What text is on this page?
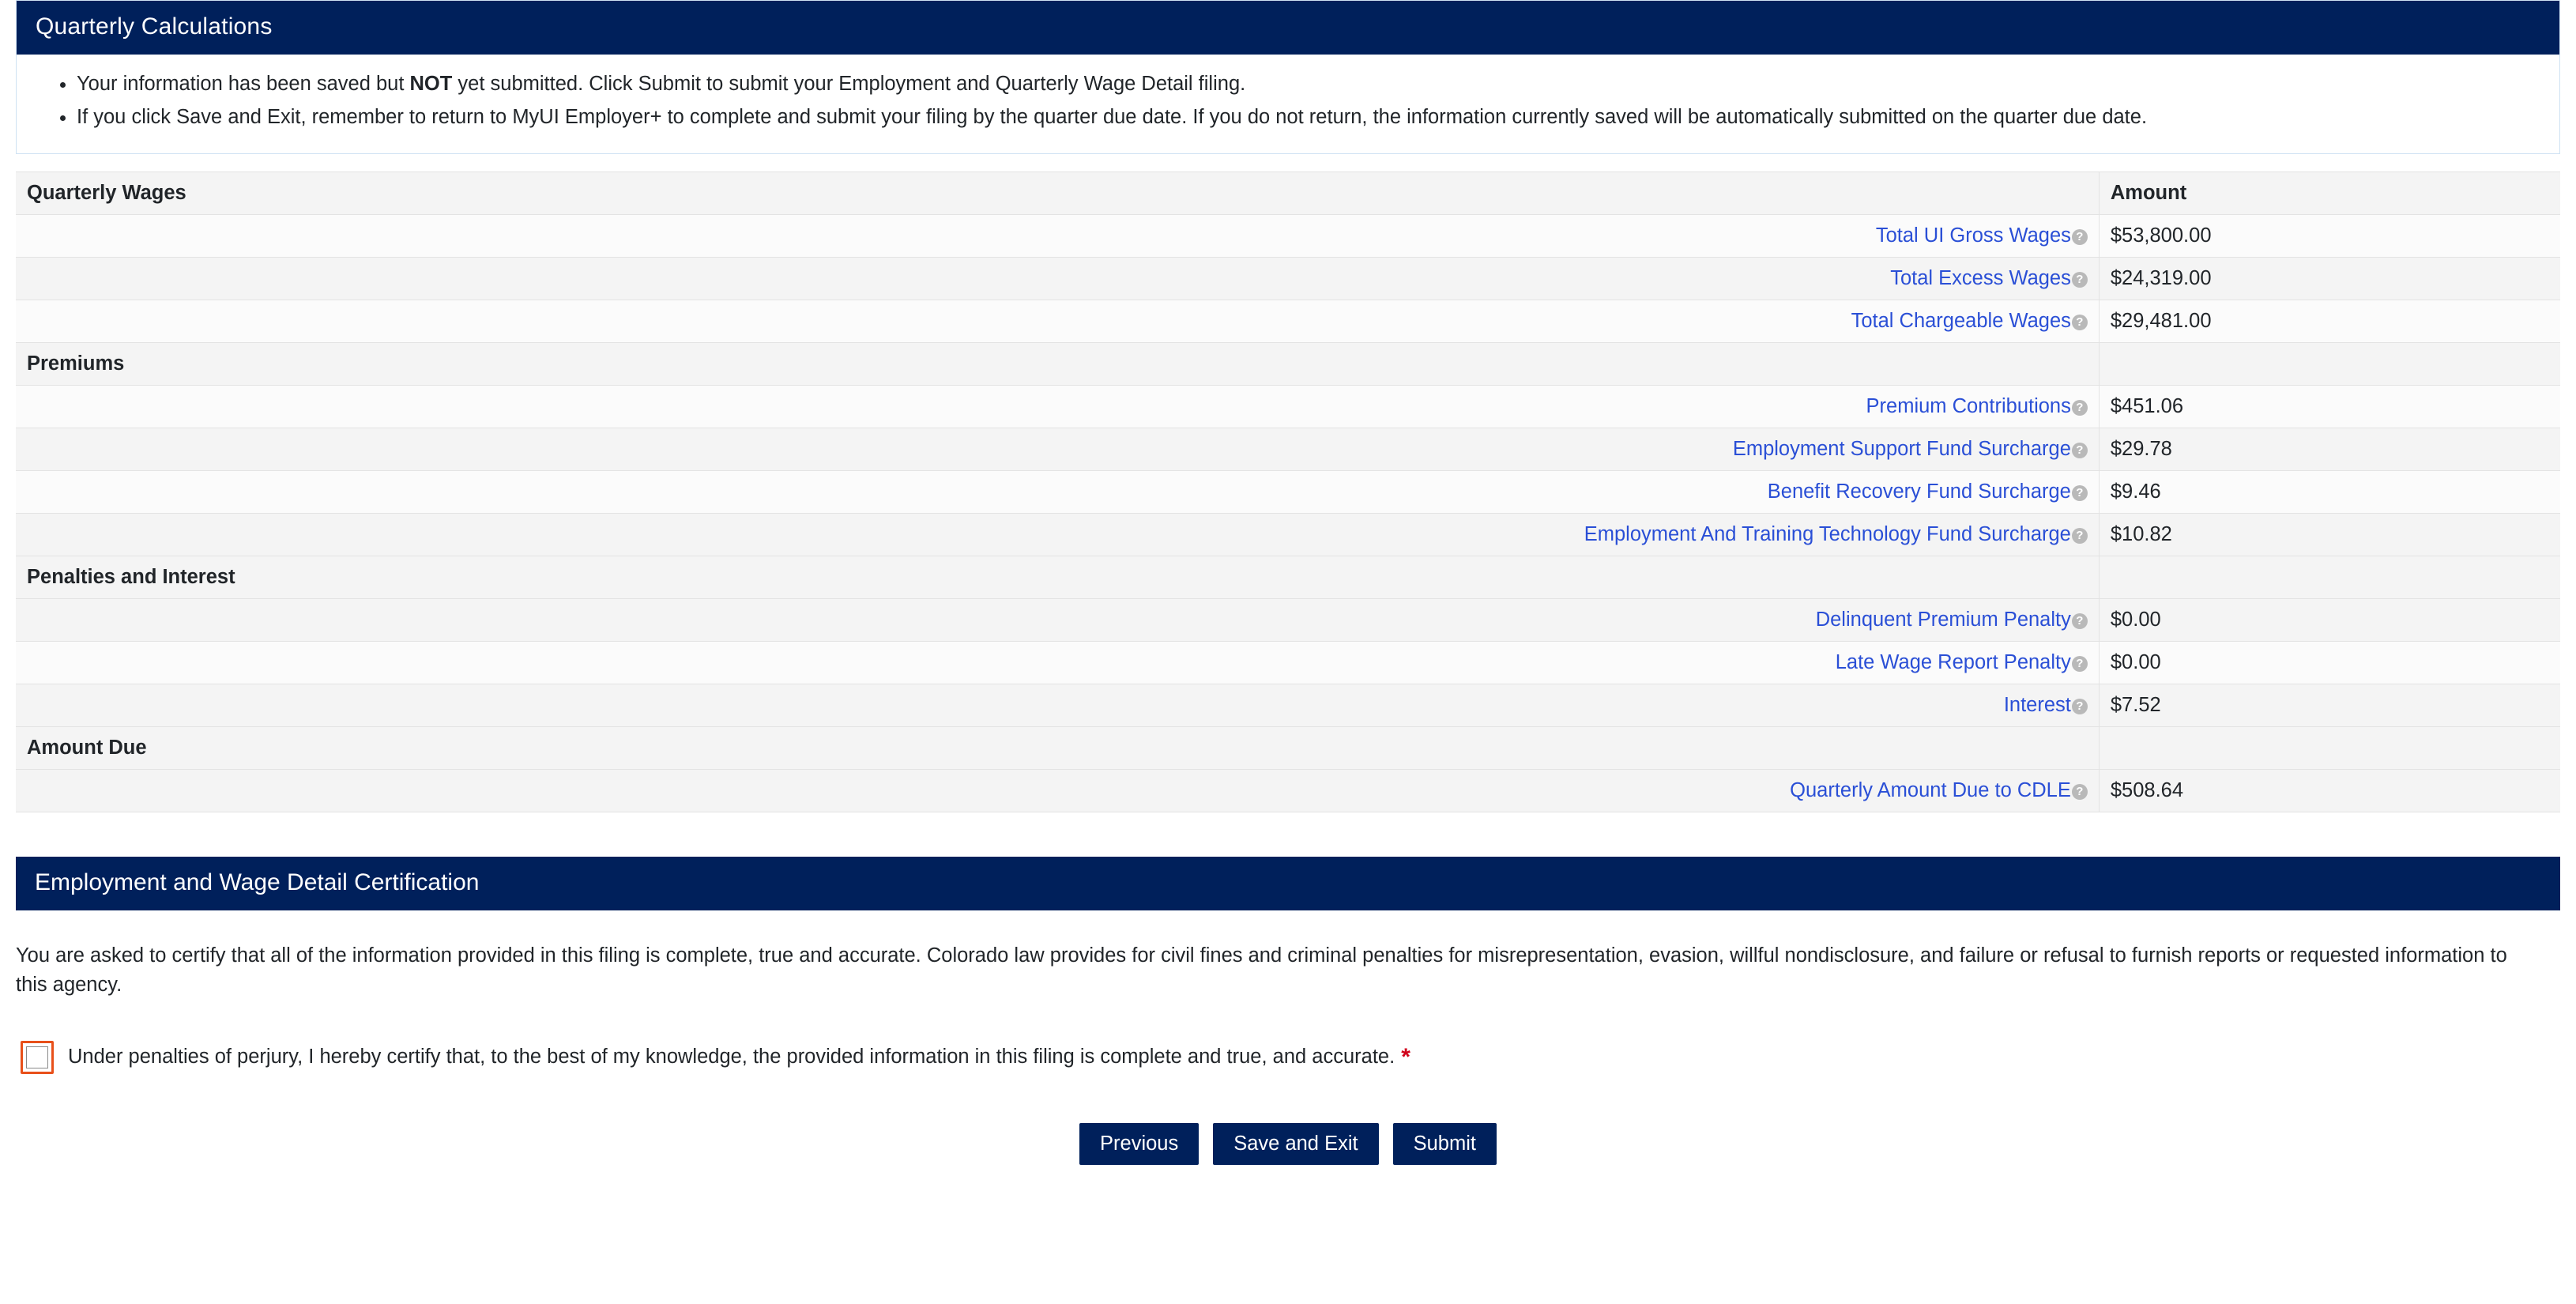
Quarterly Calculations
• Your information has been saved but NOT yet submitted. Click Submit to submit your Employment and Quarterly Wage Detail filing.
• If you click Save and Exit, remember to return to MyUI Employer+ to complete and submit your filing by the quarter due date. If you do not return, the information currently saved will be automatically submitted on the quarter due date.
Quarterly Wages	Amount
Total UI Gross Wages ?	$53,800.00
Total Excess Wages ?	$24,319.00
Total Chargeable Wages ?	$29,481.00
Premiums	
Premium Contributions ?	$451.06
Employment Support Fund Surcharge ?	$29.78
Benefit Recovery Fund Surcharge ?	$9.46
Employment And Training Technology Fund Surcharge ?	$10.82
Penalties and Interest	
Delinquent Premium Penalty ?	$0.00
Late Wage Report Penalty ?	$0.00
Interest ?	$7.52
Amount Due	
Quarterly Amount Due to CDLE ?	$508.64
Employment and Wage Detail Certification

You are asked to certify that all of the information provided in this filing is complete, true and accurate. Colorado law provides for civil fines and criminal penalties for misrepresentation, evasion, willful nondisclosure, and failure or refusal to furnish reports or requested information to this agency.

Under penalties of perjury, I hereby certify that, to the best of my knowledge, the provided information in this filing is complete and true, and accurate. *
Previous	Save and Exit	Submit
